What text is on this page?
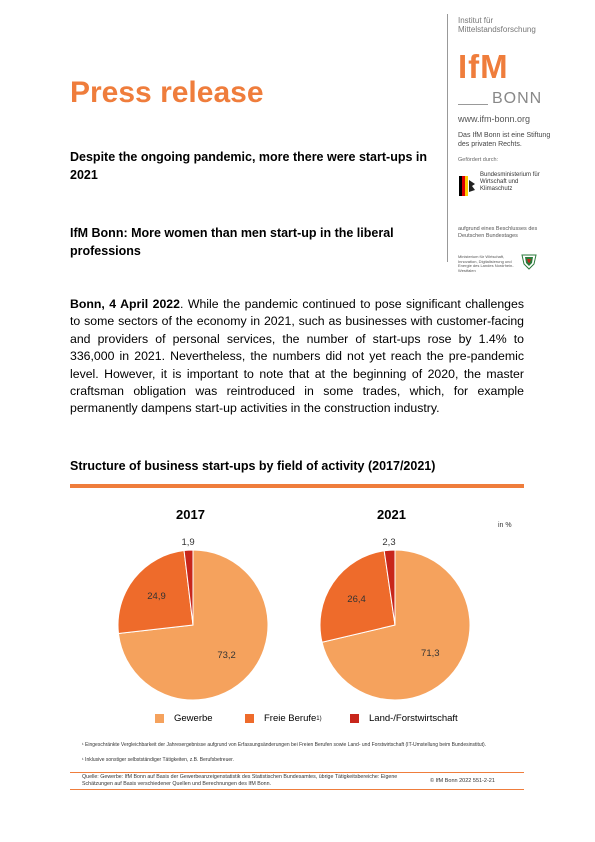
Institut für Mittelstandsforschung
IfM
BONN
www.ifm-bonn.org
Das IfM Bonn ist eine Stiftung des privaten Rechts.
Gefördert durch:
Bundesministerium für Wirtschaft und Klimaschutz
aufgrund eines Beschlusses des Deutschen Bundestages
Ministerium für Wirtschaft, Innovation, Digitalisierung und Energie des Landes Nordrhein-Westfalen
Press release

Despite the ongoing pandemic, more there were start-ups in 2021

IfM Bonn: More women than men start-up in the liberal professions

Bonn, 4 April 2022. While the pandemic continued to pose significant challenges to some sectors of the economy in 2021, such as businesses with customer-facing and providers of personal services, the number of start-ups rose by 1.4% to 336,000 in 2021. Nevertheless, the numbers did not yet reach the pre-pandemic level. However, it is important to note that at the beginning of 2020, the master craftsman obligation was reintroduced in some trades, which, for example permanently dampens start-up activities in the construction industry.
Structure of business start-ups by field of activity (2017/2021)
2017	2021
in %
73,2
24,9
1,9
71,3
26,4
2,3
Gewerbe	Freie Berufe 1)	Land-/Forstwirtschaft
¹ Eingeschränkte Vergleichbarkeit der Jahresergebnisse aufgrund von Erfassungsänderungen bei Freien Berufen sowie Land- und Forstwirtschaft (IT-Umstellung beim Bundesinstitut).
¹ Inklusive sonstiger selbstständiger Tätigkeiten, z.B. Berufsbetreuer.
Quelle: Gewerbe: IfM Bonn auf Basis der Gewerbeanzeigenstatistik des Statistischen Bundesamtes, übrige Tätigkeitsbereiche: Eigene Schätzungen auf Basis verschiedener Quellen und Berechnungen des IfM Bonn.	© IfM Bonn 2022 551-2-21
